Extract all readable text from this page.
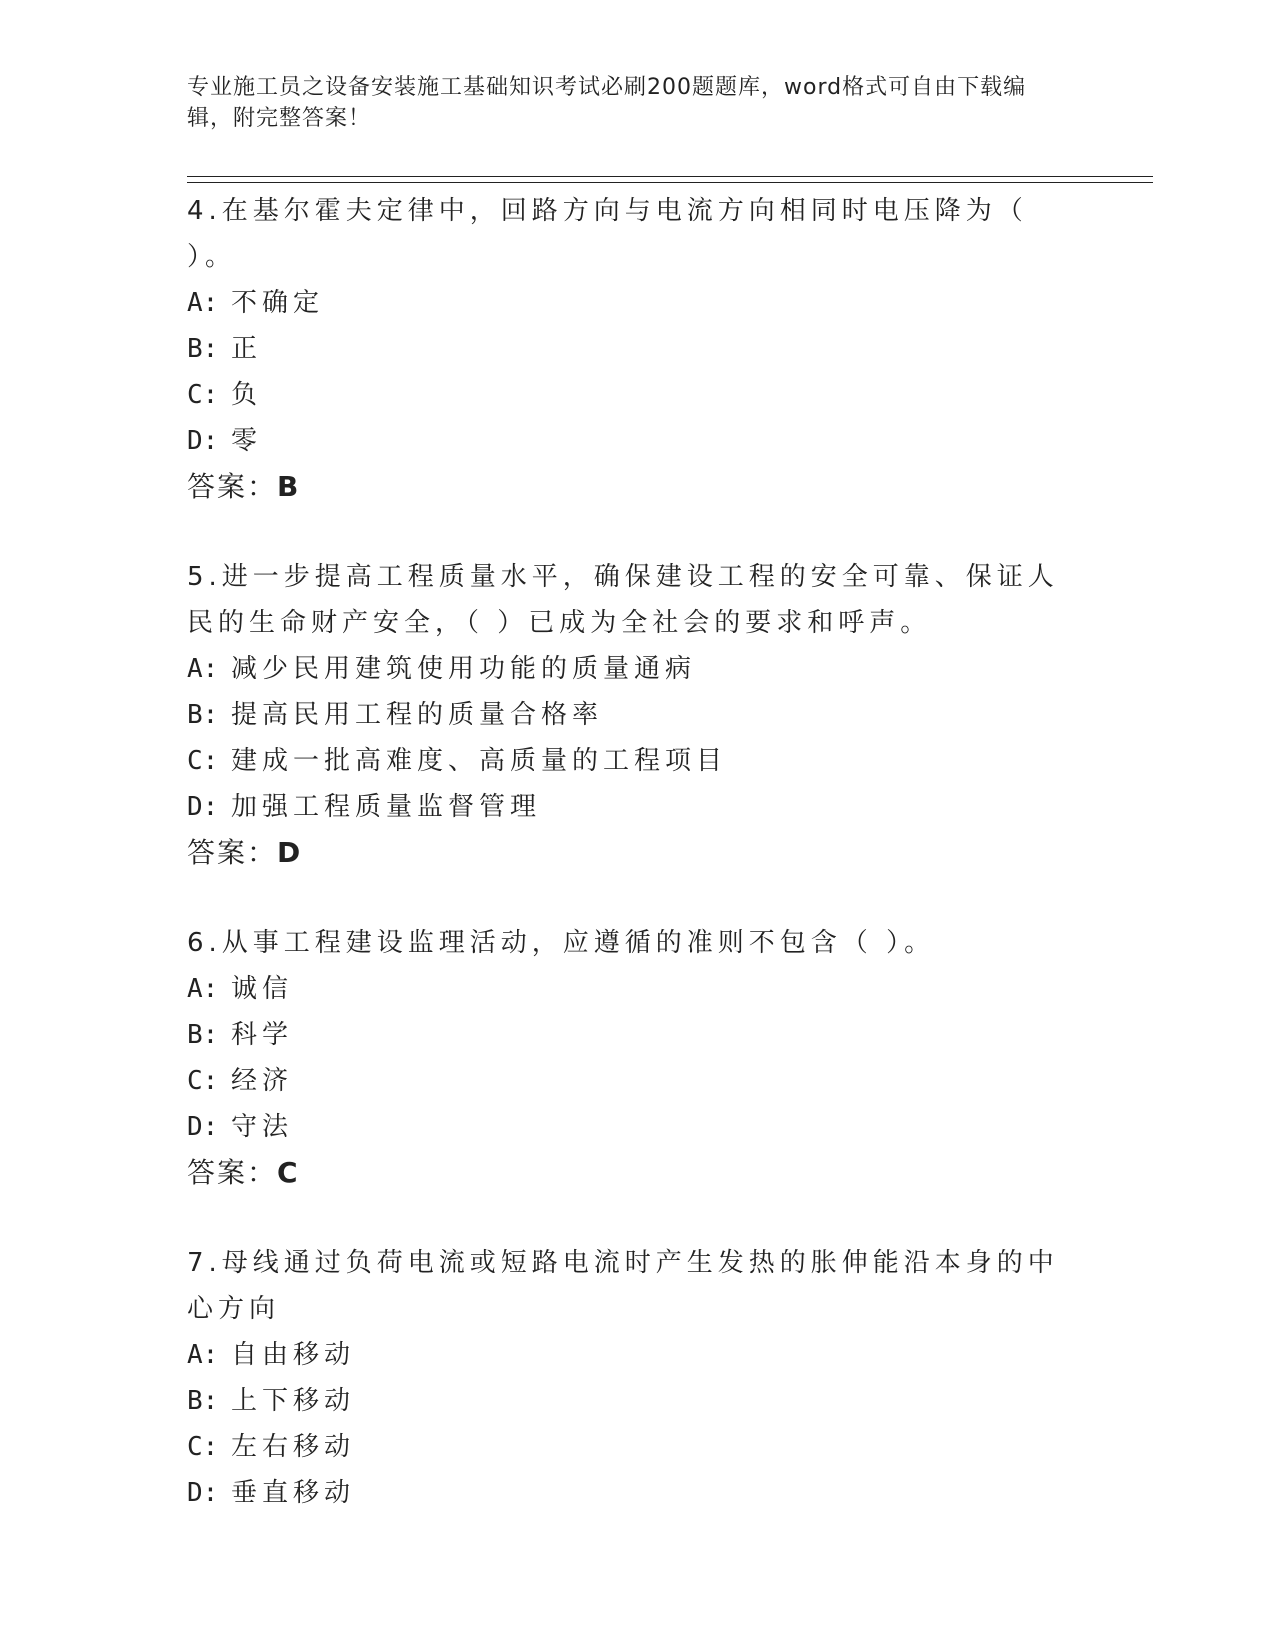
专业施工员之设备安装施工基础知识考试必刷200题题库，word格式可自由下载编辑，附完整答案！
4.在基尔霍夫定律中，回路方向与电流方向相同时电压降为（ ）。
A: 不确定
B: 正
C: 负
D: 零
答案：B
5.进一步提高工程质量水平，确保建设工程的安全可靠、保证人民的生命财产安全，（ ）已成为全社会的要求和呼声。
A: 减少民用建筑使用功能的质量通病
B: 提高民用工程的质量合格率
C: 建成一批高难度、高质量的工程项目
D: 加强工程质量监督管理
答案：D
6.从事工程建设监理活动，应遵循的准则不包含（ ）。
A: 诚信
B: 科学
C: 经济
D: 守法
答案：C
7.母线通过负荷电流或短路电流时产生发热的胀伸能沿本身的中心方向
A: 自由移动
B: 上下移动
C: 左右移动
D: 垂直移动
